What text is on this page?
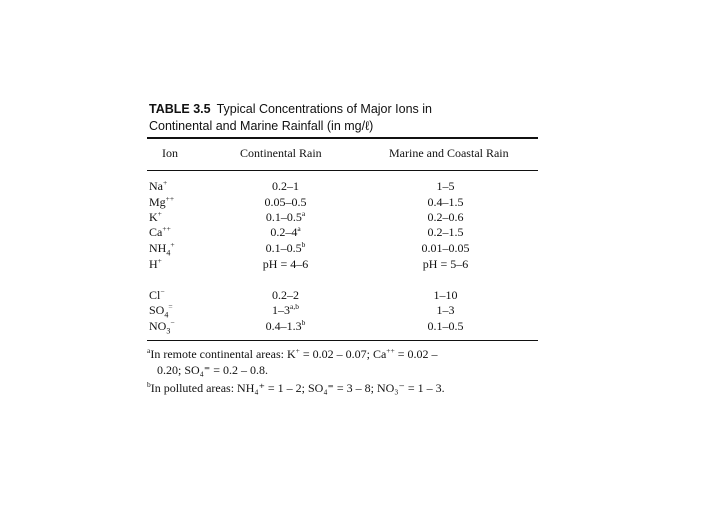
TABLE 3.5 Typical Concentrations of Major Ions in
Continental and Marine Rainfall (in mg/ℓ)
Ion	Continental Rain	Marine and Coastal Rain
Na+	0.2–1	1–5
Mg++	0.05–0.5	0.4–1.5
K+	0.1–0.5$^a$	0.2–0.6
Ca++	0.2–4$^a$	0.2–1.5
$NH_4^+$	0.1–0.5$^b$	0.01–0.05
H+	pH = 4–6	pH = 5–6
Cl−	0.2–2	1–10
$SO_4^=$	1–3$^{a,b}$	1–3
$NO_3^-$	0.4–1.3$^b$	0.1–0.5
$^a$In remote continental areas: K+ = 0.02 – 0.07; Ca++ = 0.02 –
0.20; SO₄⁼ = 0.2 – 0.8.
$^b$In polluted areas: NH₄⁺ = 1 – 2; SO₄⁼ = 3 – 8; NO₃⁻ = 1 – 3.
